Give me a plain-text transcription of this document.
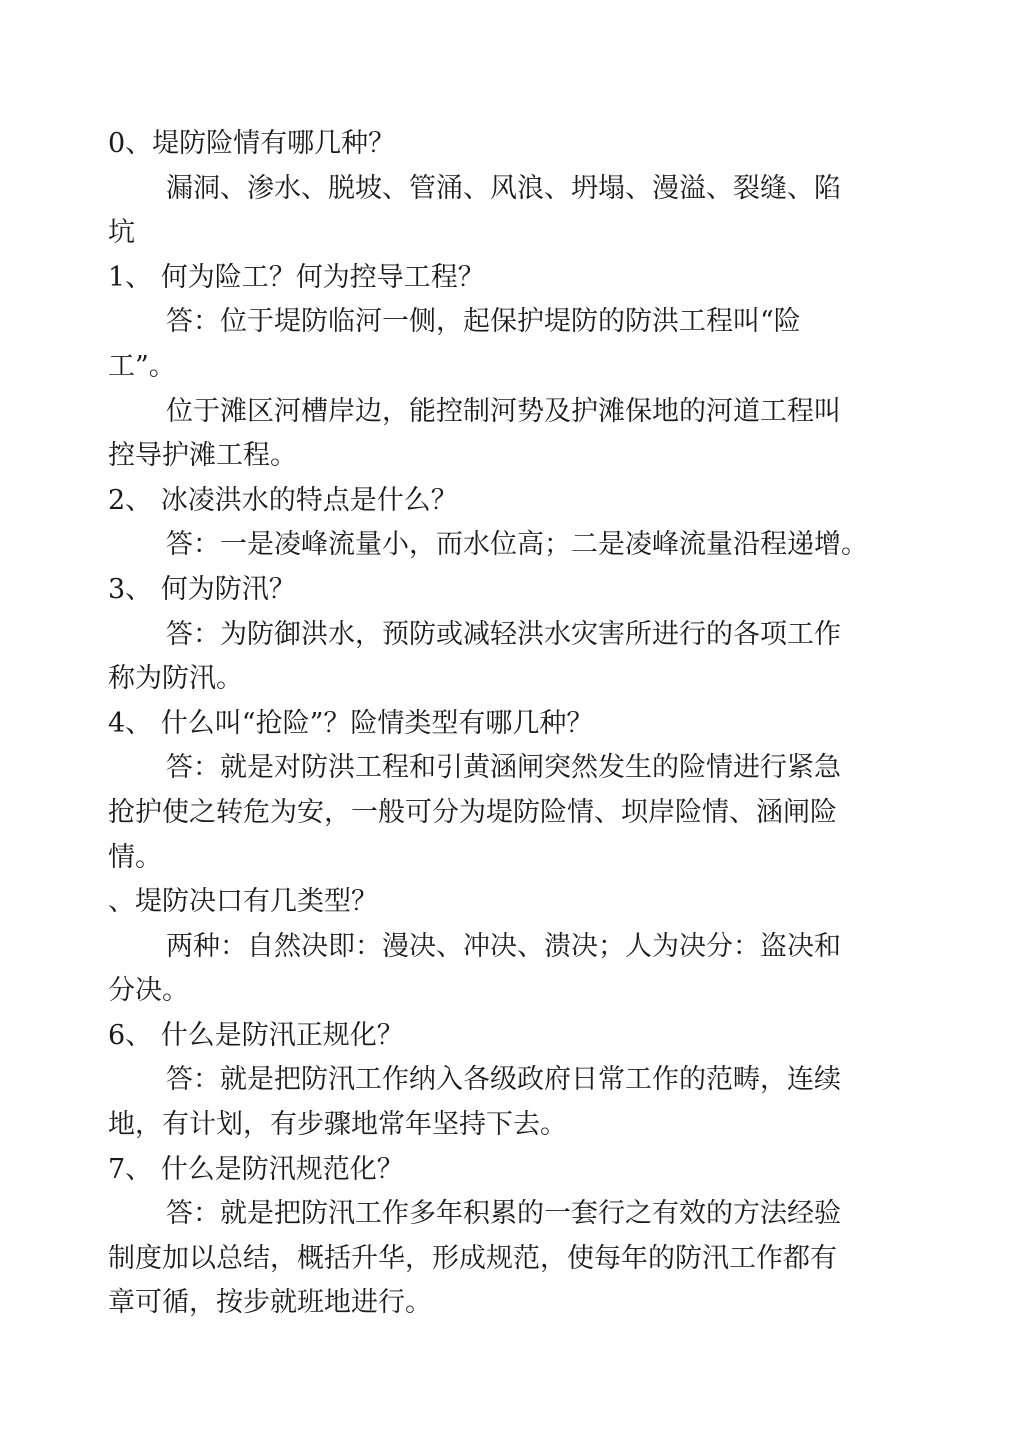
0、堤防险情有哪几种？
漏洞、渗水、脱坡、管涌、风浪、坍塌、漫溢、裂缝、陷
坑
1、 何为险工？何为控导工程？
答：位于堤防临河一侧，起保护堤防的防洪工程叫“险
工”。
位于滩区河槽岸边，能控制河势及护滩保地的河道工程叫
控导护滩工程。
2、 冰凌洪水的特点是什么？
答：一是凌峰流量小，而水位高；二是凌峰流量沿程递增。
3、 何为防汛？
答：为防御洪水，预防或减轻洪水灾害所进行的各项工作
称为防汛。
4、 什么叫“抢险”？险情类型有哪几种？
答：就是对防洪工程和引黄涵闸突然发生的险情进行紧急
抢护使之转危为安，一般可分为堤防险情、坝岸险情、涵闸险
情。
、堤防决口有几类型？
两种：自然决即：漫决、冲决、溃决；人为决分：盗决和
分决。
6、 什么是防汛正规化？
答：就是把防汛工作纳入各级政府日常工作的范畴，连续
地，有计划，有步骤地常年坚持下去。
7、 什么是防汛规范化？
答：就是把防汛工作多年积累的一套行之有效的方法经验
制度加以总结，概括升华，形成规范，使每年的防汛工作都有
章可循，按步就班地进行。
